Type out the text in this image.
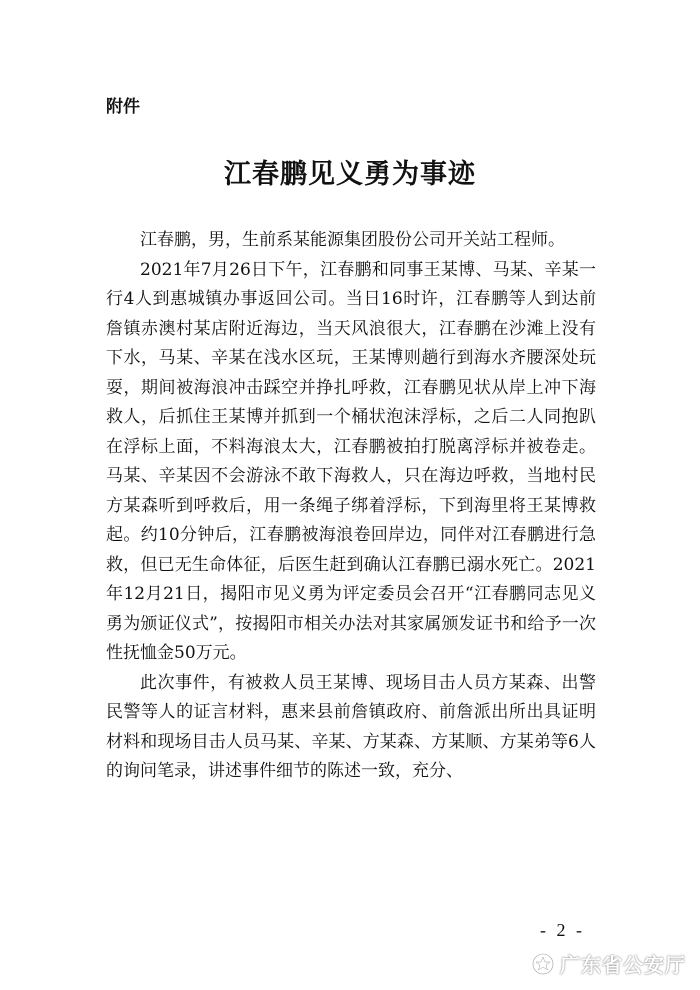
附件
江春鹏见义勇为事迹

江春鹏，男，生前系某能源集团股份公司开关站工程师。

2021年7月26日下午，江春鹏和同事王某博、马某、辛某一行4人到惠城镇办事返回公司。当日16时许，江春鹏等人到达前詹镇赤澳村某店附近海边，当天风浪很大，江春鹏在沙滩上没有下水，马某、辛某在浅水区玩，王某博则趟行到海水齐腰深处玩耍，期间被海浪冲击踩空并挣扎呼救，江春鹏见状从岸上冲下海救人，后抓住王某博并抓到一个桶状泡沫浮标，之后二人同抱趴在浮标上面，不料海浪太大，江春鹏被拍打脱离浮标并被卷走。马某、辛某因不会游泳不敢下海救人，只在海边呼救，当地村民方某森听到呼救后，用一条绳子绑着浮标，下到海里将王某博救起。约10分钟后，江春鹏被海浪卷回岸边，同伴对江春鹏进行急救，但已无生命体征，后医生赶到确认江春鹏已溺水死亡。2021年12月21日，揭阳市见义勇为评定委员会召开“江春鹏同志见义勇为颁证仪式”，按揭阳市相关办法对其家属颁发证书和给予一次性抚恤金50万元。

此次事件，有被救人员王某博、现场目击人员方某森、出警民警等人的证言材料，惠来县前詹镇政府、前詹派出所出具证明材料和现场目击人员马某、辛某、方某森、方某顺、方某弟等6人的询问笔录，讲述事件细节的陈述一致，充分、

- 2 -
广东省公安厅
